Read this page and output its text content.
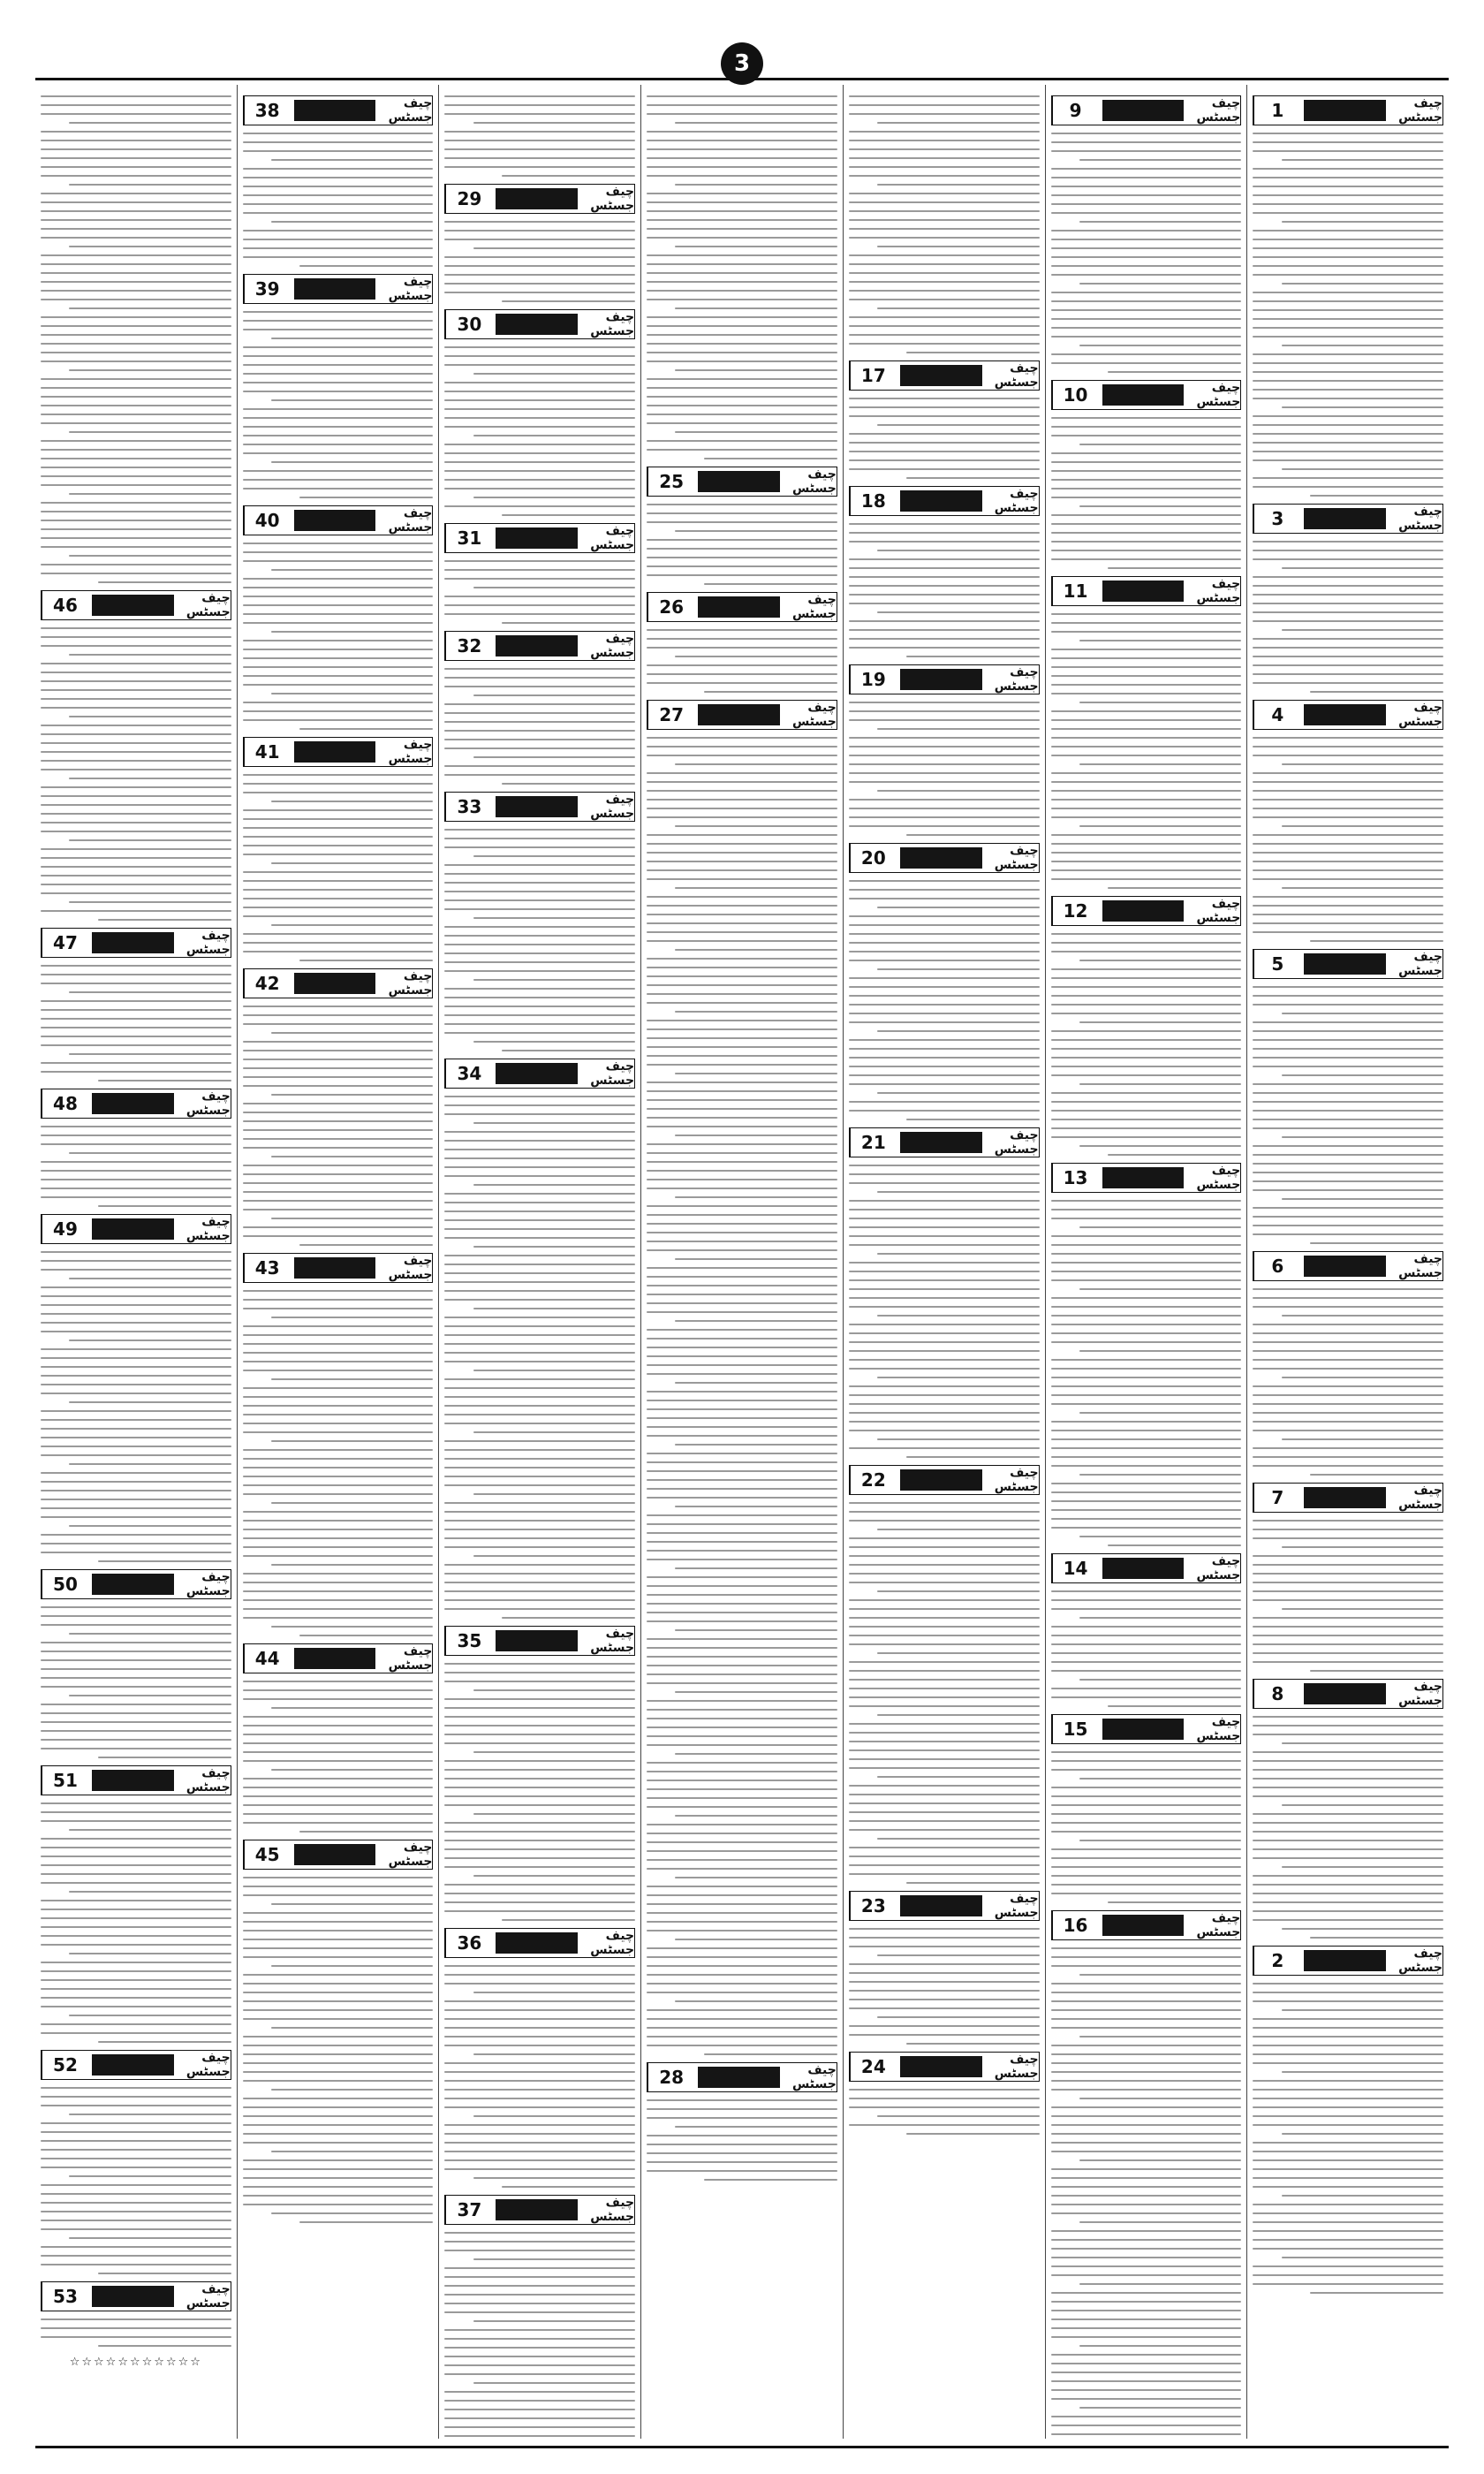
3
1	چیف جسٹس
3	چیف جسٹس
4	چیف جسٹس
5	چیف جسٹس
6	چیف جسٹس
7	چیف جسٹس
8	چیف جسٹس
2	چیف جسٹس
9	چیف جسٹس
10	چیف جسٹس
11	چیف جسٹس
12	چیف جسٹس
13	چیف جسٹس
14	چیف جسٹس
15	چیف جسٹس
16	چیف جسٹس
17	چیف جسٹس
18	چیف جسٹس
19	چیف جسٹس
20	چیف جسٹس
21	چیف جسٹس
22	چیف جسٹس
23	چیف جسٹس
24	چیف جسٹس
25	چیف جسٹس
26	چیف جسٹس
27	چیف جسٹس
28	چیف جسٹس
29	چیف جسٹس
30	چیف جسٹس
31	چیف جسٹس
32	چیف جسٹس
33	چیف جسٹس
34	چیف جسٹس
35	چیف جسٹس
36	چیف جسٹس
37	چیف جسٹس
38	چیف جسٹس
39	چیف جسٹس
40	چیف جسٹس
41	چیف جسٹس
42	چیف جسٹس
43	چیف جسٹس
44	چیف جسٹس
45	چیف جسٹس
46	چیف جسٹس
47	چیف جسٹس
48	چیف جسٹس
49	چیف جسٹس
50	چیف جسٹس
51	چیف جسٹس
52	چیف جسٹس
53	چیف جسٹس
☆☆☆☆☆☆☆☆☆☆☆
